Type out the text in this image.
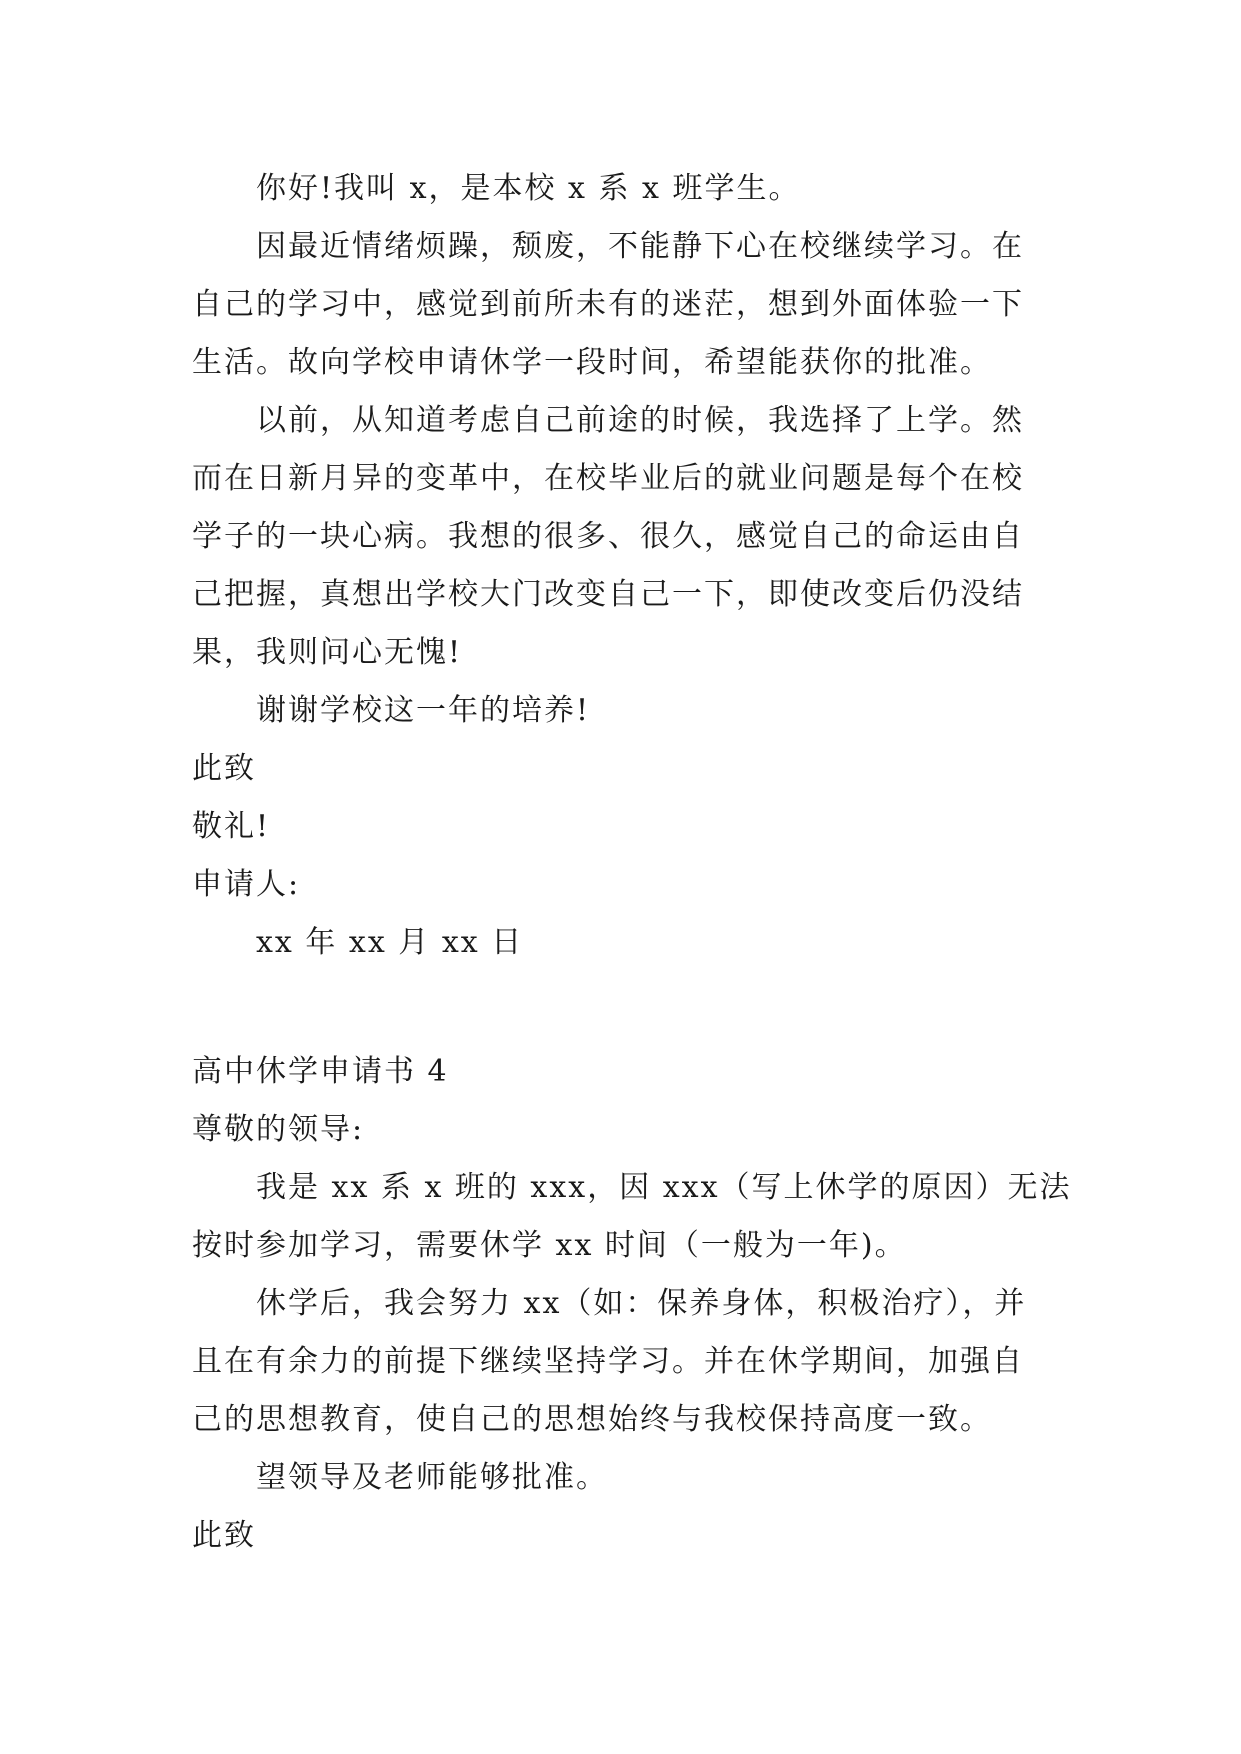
你好!我叫 x，是本校 x 系 x 班学生。
因最近情绪烦躁，颓废，不能静下心在校继续学习。在
自己的学习中，感觉到前所未有的迷茫，想到外面体验一下
生活。故向学校申请休学一段时间，希望能获你的批准。
以前，从知道考虑自己前途的时候，我选择了上学。然
而在日新月异的变革中，在校毕业后的就业问题是每个在校
学子的一块心病。我想的很多、很久，感觉自己的命运由自
己把握，真想出学校大门改变自己一下，即使改变后仍没结
果，我则问心无愧!
谢谢学校这一年的培养!
此致
敬礼!
申请人:
xx 年 xx 月 xx 日
高中休学申请书 4
尊敬的领导:
我是 xx 系 x 班的 xxx，因 xxx（写上休学的原因）无法
按时参加学习，需要休学 xx 时间（一般为一年)。
休学后，我会努力 xx（如：保养身体，积极治疗），并
且在有余力的前提下继续坚持学习。并在休学期间，加强自
己的思想教育，使自己的思想始终与我校保持高度一致。
望领导及老师能够批准。
此致
